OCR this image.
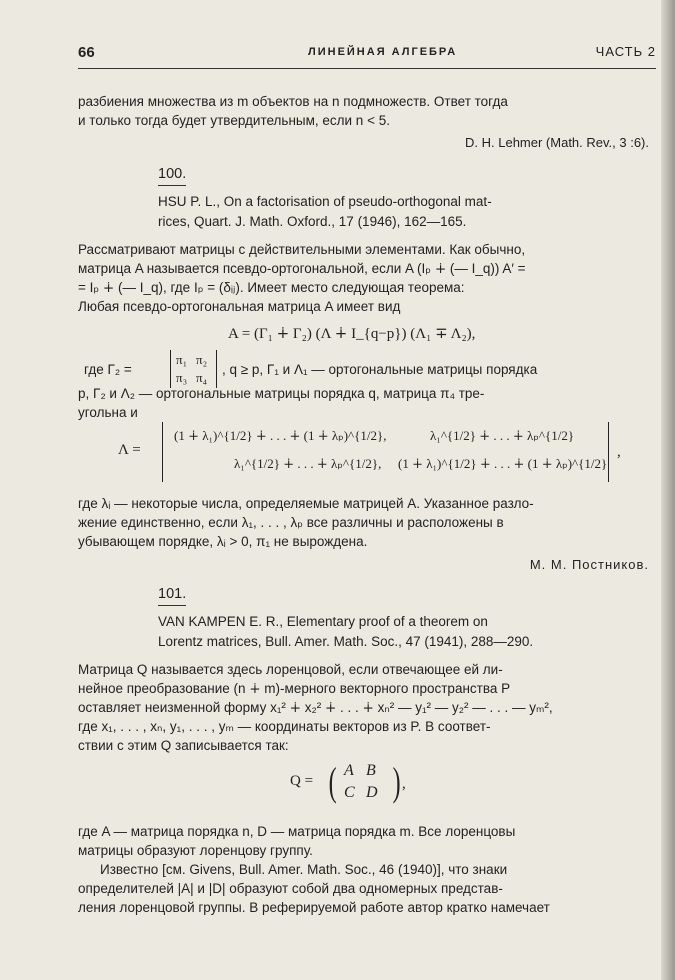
66	ЛИНЕЙНАЯ АЛГЕБРА	ЧАСТЬ 2

разбиения множества из m объектов на n подмножеств. Ответ тогда

и только тогда будет утвердительным, если n < 5.

D. H. Lehmer (Math. Rev., 3 :6).
100.
HSU P. L., On a factorisation of pseudo-orthogonal mat-
rices, Quart. J. Math. Oxford., 17 (1946), 162—165.

Рассматривают матрицы с действительными элементами. Как обычно,

матрица A называется псевдо-ортогональной, если A (Iₚ ∔ (— I_q)) A′ =

= Iₚ ∔ (— I_q), где Iₚ = (δᵢⱼ). Имеет место следующая теорема:

Любая псевдо-ортогональная матрица A имеет вид

A = (Γ₁ ∔ Γ₂) (Λ ∔ I_{q−p}) (Λ₁ ∓ Λ₂),
где Γ₂ =
π₁ π₂
π₃ π₄
, q ≥ p, Γ₁ и Λ₁ — ортогональные матрицы порядка

p, Γ₂ и Λ₂ — ортогональные матрицы порядка q, матрица π₄ тре-

угольна и

Λ =
(1 ∔ λ₁)^{1/2} ∔ . . . ∔ (1 ∔ λₚ)^{1/2},	λ₁^{1/2} ∔ . . . ∔ λₚ^{1/2}
λ₁^{1/2} ∔ . . . ∔ λₚ^{1/2}, (1 ∔ λ₁)^{1/2} ∔ . . . ∔ (1 ∔ λₚ)^{1/2}
,

где λᵢ — некоторые числа, определяемые матрицей A. Указанное разло-

жение единственно, если λ₁, . . . , λₚ все различны и расположены в

убывающем порядке, λᵢ > 0, π₁ не вырождена.

М. М. Постников.
101.
VAN KAMPEN E. R., Elementary proof of a theorem on
Lorentz matrices, Bull. Amer. Math. Soc., 47 (1941), 288—290.

Матрица Q называется здесь лоренцовой, если отвечающее ей ли-

нейное преобразование (n ∔ m)-мерного векторного пространства P

оставляет неизменной форму x₁² ∔ x₂² ∔ . . . ∔ xₙ² — y₁² — y₂² — . . . — yₘ²,

где x₁, . . . , xₙ, y₁, . . . , yₘ — координаты векторов из P. В соответ-

ствии с этим Q записывается так:

Q = ( )
A B
C D ,

где A — матрица порядка n, D — матрица порядка m. Все лоренцовы

матрицы образуют лоренцову группу.

Известно [см. Givens, Bull. Amer. Math. Soc., 46 (1940)], что знаки

определителей |A| и |D| образуют собой два одномерных представ-

ления лоренцовой группы. В реферируемой работе автор кратко намечает
